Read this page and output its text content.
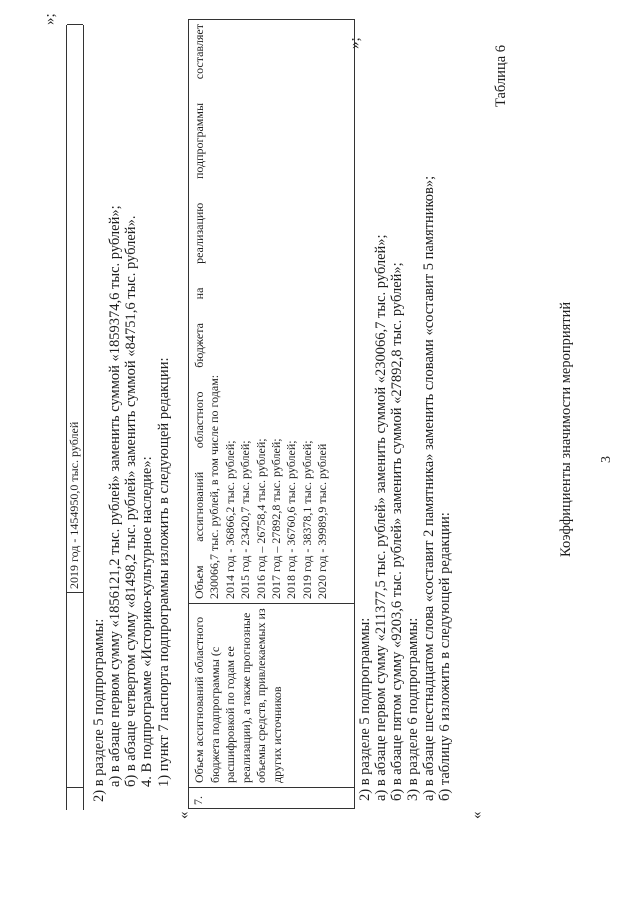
3
2019 год - 1454950,0 тыс. рублей
»;
2) в разделе 5 подпрограммы: а) в абзаце первом сумму «1856121,2 тыс. рублей» заменить суммой «1859374,6 тыс. рублей»; б) в абзаце четвертом сумму «81498,2 тыс. рублей» заменить суммой «84751,6 тыс. рублей». 4. В подпрограмме «Историко-культурное наследие»: 1) пункт 7 паспорта подпрограммы изложить в следующей редакции:
«
7.
Объем ассигнований областного бюджета подпрограммы (с расшифровкой по годам ее реализации), а также прогнозные объемы средств, привлекаемых из других источников
Объем ассигнований областного бюджета на реализацию подпрограммы составляет 230066,7 тыс. рублей, в том числе по годам: 2014 год - 36866,2 тыс. рублей; 2015 год - 23420,7 тыс. рублей; 2016 год – 26758,4 тыс. рублей; 2017 год – 27892,8 тыс. рублей; 2018 год - 36760,6 тыс. рублей; 2019 год - 38378,1 тыс. рублей; 2020 год - 39989,9 тыс. рублей
»;
2) в разделе 5 подпрограммы: а) в абзаце первом сумму «211377,5 тыс. рублей» заменить суммой «230066,7 тыс. рублей»; б) в абзаце пятом сумму «9203,6 тыс. рублей» заменить суммой «27892,8 тыс. рублей»; 3) в разделе 6 подпрограммы: а) в абзаце шестнадцатом слова «составит 2 памятника» заменить словами «составит 5 памятников»; б) таблицу 6 изложить в следующей редакции:
«
Таблица 6
Коэффициенты значимости мероприятий
